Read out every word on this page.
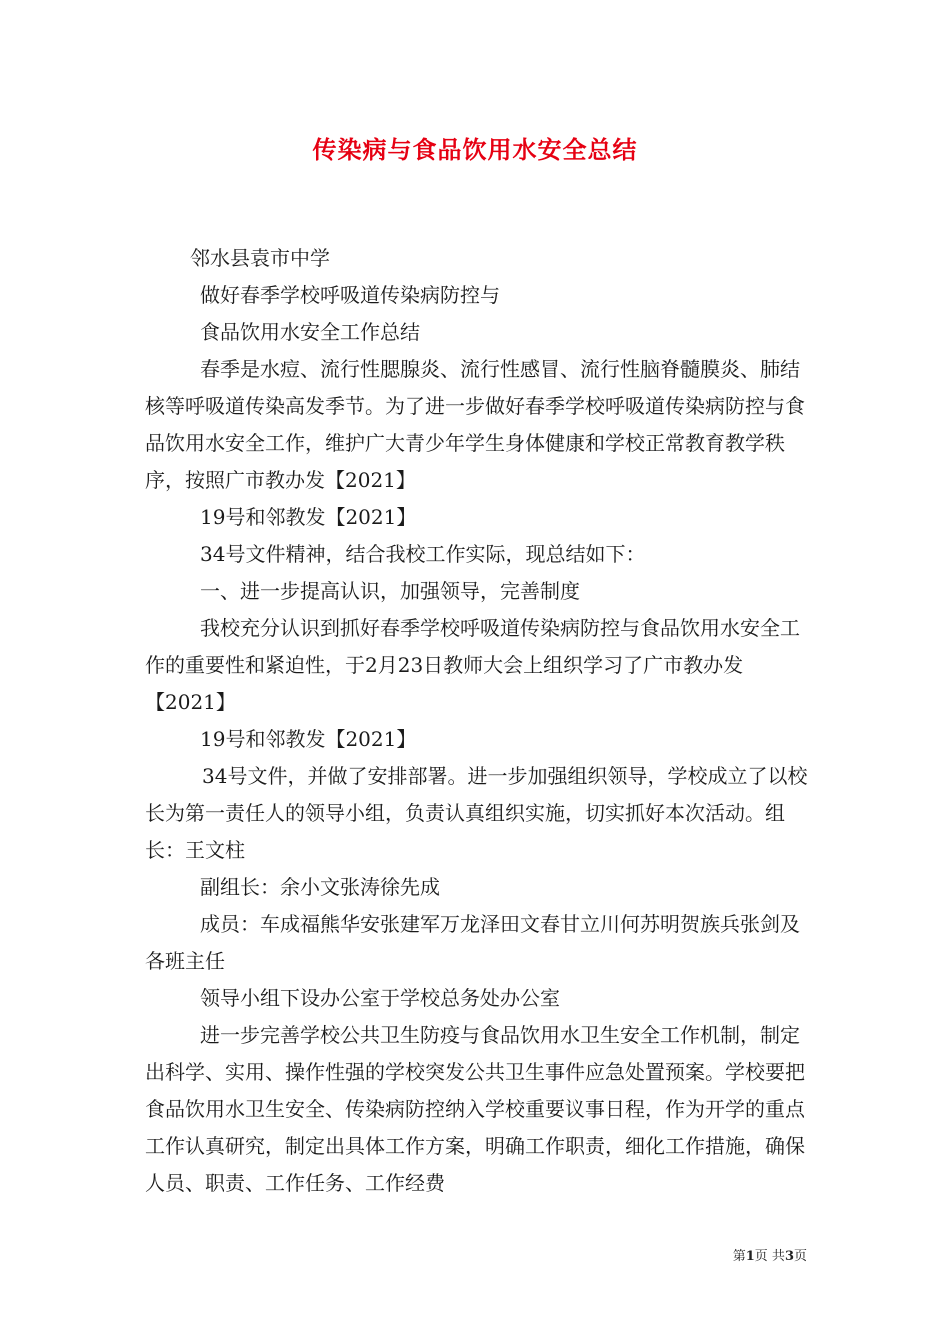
传染病与食品饮用水安全总结

邻水县袁市中学

做好春季学校呼吸道传染病防控与

食品饮用水安全工作总结

春季是水痘、流行性腮腺炎、流行性感冒、流行性脑脊髓膜炎、肺结核等呼吸道传染高发季节。为了进一步做好春季学校呼吸道传染病防控与食品饮用水安全工作，维护广大青少年学生身体健康和学校正常教育教学秩序，按照广市教办发【2021】

19号和邻教发【2021】

34号文件精神，结合我校工作实际，现总结如下：

一、进一步提高认识，加强领导，完善制度

我校充分认识到抓好春季学校呼吸道传染病防控与食品饮用水安全工作的重要性和紧迫性，于2月23日教师大会上组织学习了广市教办发【2021】

19号和邻教发【2021】

34号文件，并做了安排部署。进一步加强组织领导，学校成立了以校长为第一责任人的领导小组，负责认真组织实施，切实抓好本次活动。组长：王文柱

副组长：余小文张涛徐先成

成员：车成福熊华安张建军万龙泽田文春甘立川何苏明贺族兵张剑及各班主任

领导小组下设办公室于学校总务处办公室

进一步完善学校公共卫生防疫与食品饮用水卫生安全工作机制，制定出科学、实用、操作性强的学校突发公共卫生事件应急处置预案。学校要把食品饮用水卫生安全、传染病防控纳入学校重要议事日程，作为开学的重点工作认真研究，制定出具体工作方案，明确工作职责，细化工作措施，确保人员、职责、工作任务、工作经费

第1页 共3页
